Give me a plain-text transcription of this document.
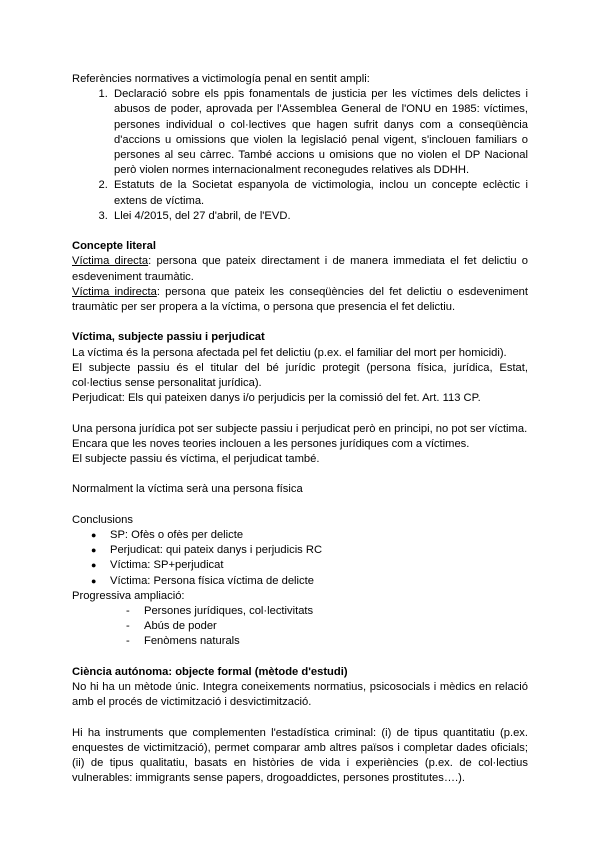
Referències normatives a victimología penal en sentit ampli:

1. Declaració sobre els ppis fonamentals de justicia per les víctimes dels delictes i abusos de poder, aprovada per l'Assemblea General de l'ONU en 1985: víctimes, persones individual o col·lectives que hagen sufrit danys com a conseqüència d'accions u omissions que violen la legislació penal vigent, s'inclouen familiars o persones al seu càrrec. També accions u omisions que no violen el DP Nacional però violen normes internacionalment reconegudes relatives als DDHH.
2. Estatuts de la Societat espanyola de victimologia, inclou un concepte eclèctic i extens de víctima.
3. Llei 4/2015, del 27 d'abril, de l'EVD.

Concepte literal

Víctima directa: persona que pateix directament i de manera immediata el fet delictiu o esdeveniment traumàtic.

Víctima indirecta: persona que pateix les conseqüències del fet delictiu o esdeveniment traumàtic per ser propera a la víctima, o persona que presencia el fet delictiu.

Víctima, subjecte passiu i perjudicat

La víctima és la persona afectada pel fet delictiu (p.ex. el familiar del mort per homicidi).

El subjecte passiu és el titular del bé jurídic protegit (persona física, jurídica, Estat, col·lectius sense personalitat jurídica).

Perjudicat: Els qui pateixen danys i/o perjudicis per la comissió del fet. Art. 113 CP.

Una persona jurídica pot ser subjecte passiu i perjudicat però en principi, no pot ser víctima.

Encara que les noves teories inclouen a les persones jurídiques com a víctimes.

El subjecte passiu és víctima, el perjudicat també.

Normalment la víctima serà una persona física

Conclusions

● SP: Ofès o ofès per delicte
● Perjudicat: qui pateix danys i perjudicis RC
● Víctima: SP+perjudicat
● Víctima: Persona física víctima de delicte

Progressiva ampliació:

- Persones jurídiques, col·lectivitats
- Abús de poder
- Fenòmens naturals

Ciència autónoma: objecte formal (mètode d'estudi)

No hi ha un mètode únic. Integra coneixements normatius, psicosocials i mèdics en relació amb el procés de victimització i desvictimització.

Hi ha instruments que complementen l'estadística criminal: (i) de tipus quantitatiu (p.ex. enquestes de victimització), permet comparar amb altres països i completar dades oficials; (ii) de tipus qualitatiu, basats en històries de vida i experiències (p.ex. de col·lectius vulnerables: immigrants sense papers, drogoaddictes, persones prostitutes….).
